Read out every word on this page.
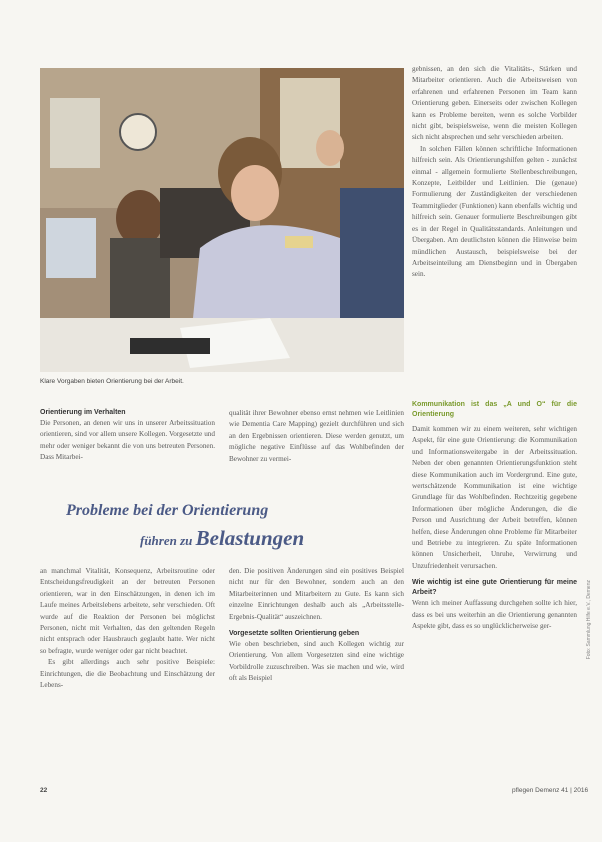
Klare Vorgaben bieten Orientierung bei der Arbeit.

gebnissen, an den sich die Vitalitäts-, Stärken und Mitarbeiter orientieren. Auch die Arbeitsweisen von erfahrenen und erfahrenen Personen im Team kann Orientierung geben. Einerseits oder zwischen Kollegen kann es Probleme bereiten, wenn es solche Vorbilder nicht gibt, beispielsweise, wenn die meisten Kollegen sich nicht absprechen und sehr verschieden arbeiten.

In solchen Fällen können schriftliche Informationen hilfreich sein. Als Orientierungshilfen gelten - zunächst einmal - allgemein formulierte Stellenbeschreibungen, Konzepte, Leitbilder und Leitlinien. Die (genaue) Formulierung der Zuständigkeiten der verschiedenen Teammitglieder (Funktionen) kann ebenfalls wichtig und hilfreich sein. Genauer formulierte Beschreibungen gibt es in der Regel in Qualitätsstandards. Anleitungen und Übergaben. Am deutlichsten können die Hinweise beim mündlichen Austausch, beispielsweise bei der Arbeitseinteilung am Dienstbeginn und in Übergaben sein.

Orientierung im Verhalten

Die Personen, an denen wir uns in unserer Arbeitssituation orientieren, sind vor allem unsere Kollegen. Vorgesetzte und mehr oder weniger bekannt die von uns betreuten Personen. Dass Mitarbei-

qualität ihrer Bewohner ebenso ernst nehmen wie Leitlinien wie Dementia Care Mapping) gezielt durchführen und sich an den Ergebnissen orientieren. Diese werden genutzt, um mögliche negative Einflüsse auf das Wohlbefinden der Bewohner zu vermei-

Probleme bei der Orientierung
führen zu Belastungen

an manchmal Vitalität, Konsequenz, Arbeitsroutine oder Entscheidungsfreudigkeit an der betreuten Personen orientieren, war in den Einschätzungen, in denen ich im Laufe meines Arbeitslebens arbeitete, sehr verschieden. Oft wurde auf die Reaktion der Personen bei möglichst Personen, nicht mit Verhalten, das den geltenden Regeln nicht entsprach oder Hausbrauch geglaubt hatte. Wer nicht so befragte, wurde weniger oder gar nicht beachtet.

Es gibt allerdings auch sehr positive Beispiele: Einrichtungen, die die Beobachtung und Einschätzung der Lebens-

den. Die positiven Änderungen sind ein positives Beispiel nicht nur für den Bewohner, sondern auch an den Mitarbeiterinnen und Mitarbeitern zu Gute. Es kann sich einzelne Einrichtungen deshalb auch als „Arbeitsstelle-Ergebnis-Qualität“ auszeichnen.

Vorgesetzte sollten Orientierung geben

Wie oben beschrieben, sind auch Kollegen wichtig zur Orientierung. Von allem Vorgesetzten sind eine wichtige Vorbildrolle zuzuschreiben. Was sie machen und wie, wird oft als Beispiel

Kommunikation ist das „A und O“ für die Orientierung

Damit kommen wir zu einem weiteren, sehr wichtigen Aspekt, für eine gute Orientierung: die Kommunikation und Informationsweitergabe in der Arbeitssituation. Neben der oben genannten Orientierungsfunktion steht diese Kommunikation auch im Vordergrund. Eine gute, wertschätzende Kommunikation ist eine wichtige Grundlage für das Wohlbefinden. Rechtzeitig gegebene Informationen über mögliche Änderungen, die die Person und Ausrichtung der Arbeit betreffen, können helfen, diese Änderungen ohne Probleme für Mitarbeiter und Betriebe zu integrieren. Zu späte Informationen können Unsicherheit, Unruhe, Verwirrung und Unzufriedenheit verursachen.

Wie wichtig ist eine gute Orientierung für meine Arbeit?

Wenn ich meiner Auffassung durchgehen sollte ich hier, dass es bei uns weiterhin an die Orientierung genannten Aspekte gibt, dass es so unglücklicherweise ger-

22	pflegen Demenz 41 | 2016
Foto: Sammlung Hilfe e.V., Demenz
